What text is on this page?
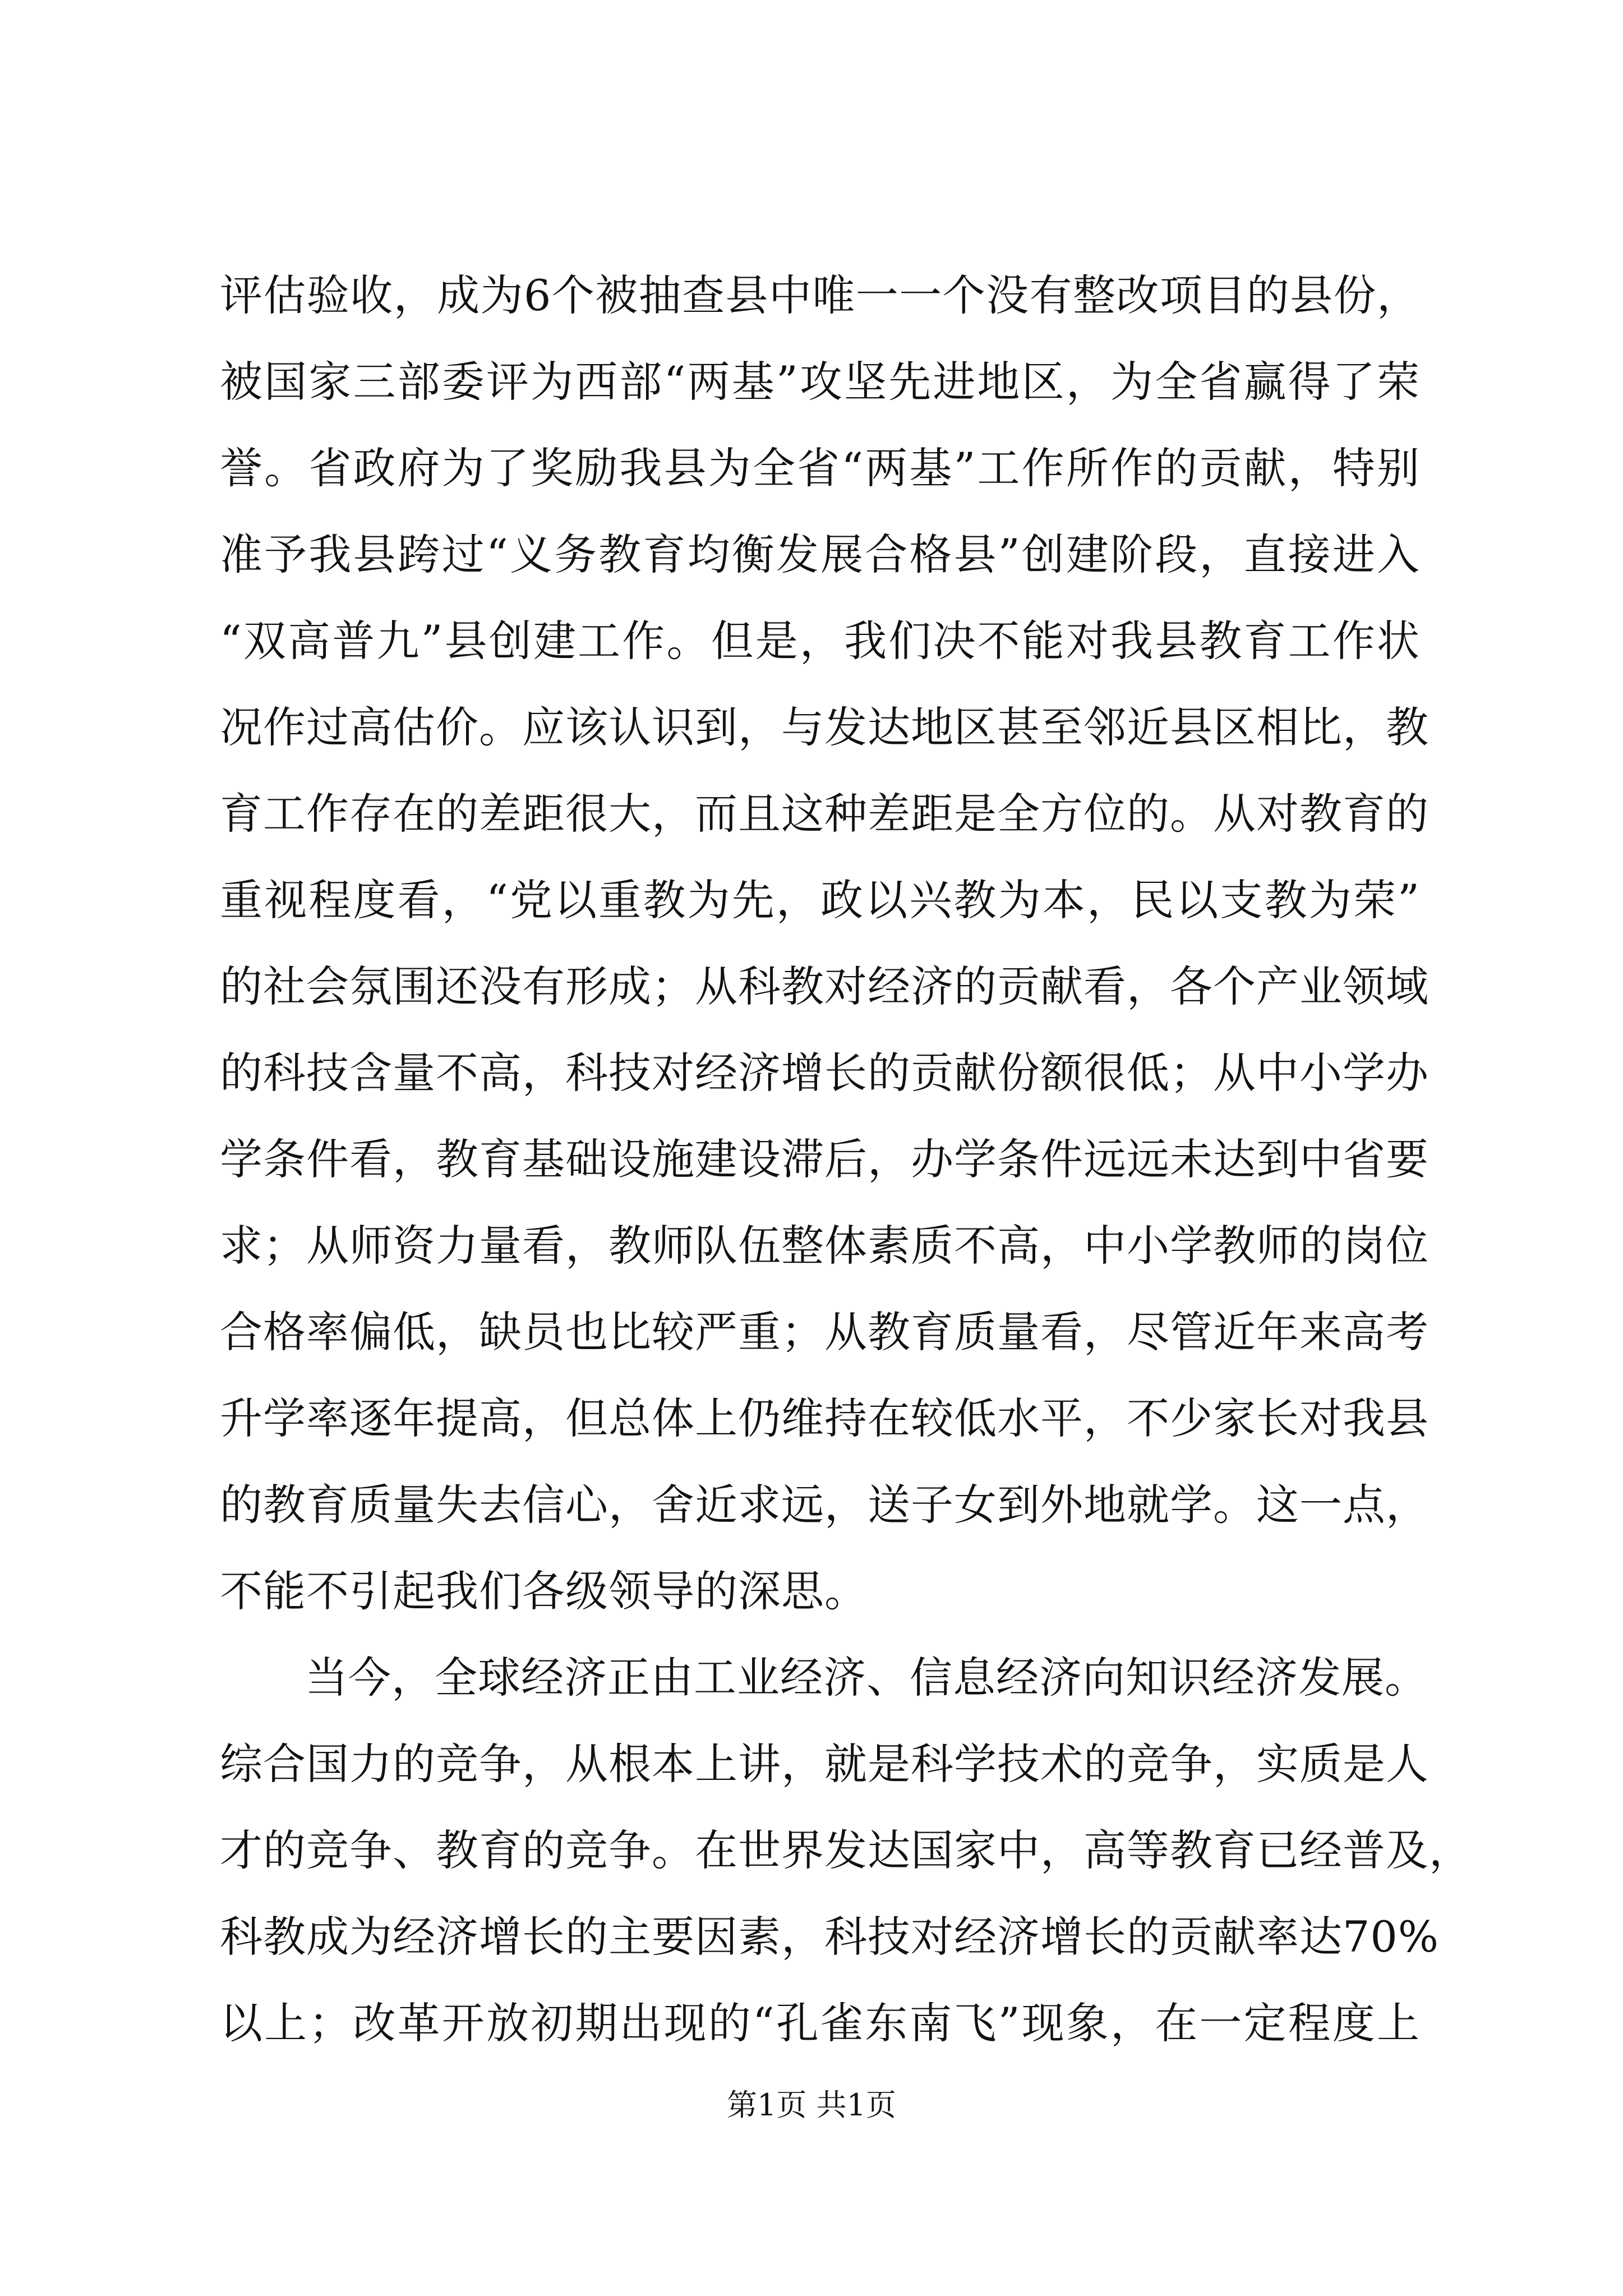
评估验收，成为6个被抽查县中唯一一个没有整改项目的县份，
被国家三部委评为西部“两基”攻坚先进地区，为全省赢得了荣
誉。省政府为了奖励我县为全省“两基”工作所作的贡献，特别
准予我县跨过“义务教育均衡发展合格县”创建阶段，直接进入
“双高普九”县创建工作。但是，我们决不能对我县教育工作状
况作过高估价。应该认识到，与发达地区甚至邻近县区相比，教
育工作存在的差距很大，而且这种差距是全方位的。从对教育的
重视程度看，“党以重教为先，政以兴教为本，民以支教为荣”
的社会氛围还没有形成；从科教对经济的贡献看，各个产业领域
的科技含量不高，科技对经济增长的贡献份额很低；从中小学办
学条件看，教育基础设施建设滞后，办学条件远远未达到中省要
求；从师资力量看，教师队伍整体素质不高，中小学教师的岗位
合格率偏低，缺员也比较严重；从教育质量看，尽管近年来高考
升学率逐年提高，但总体上仍维持在较低水平，不少家长对我县
的教育质量失去信心，舍近求远，送子女到外地就学。这一点，
不能不引起我们各级领导的深思。
当今，全球经济正由工业经济、信息经济向知识经济发展。
综合国力的竞争，从根本上讲，就是科学技术的竞争，实质是人
才的竞争、教育的竞争。在世界发达国家中，高等教育已经普及，
科教成为经济增长的主要因素，科技对经济增长的贡献率达70%
以上；改革开放初期出现的“孔雀东南飞”现象，在一定程度上
第1页 共1页
